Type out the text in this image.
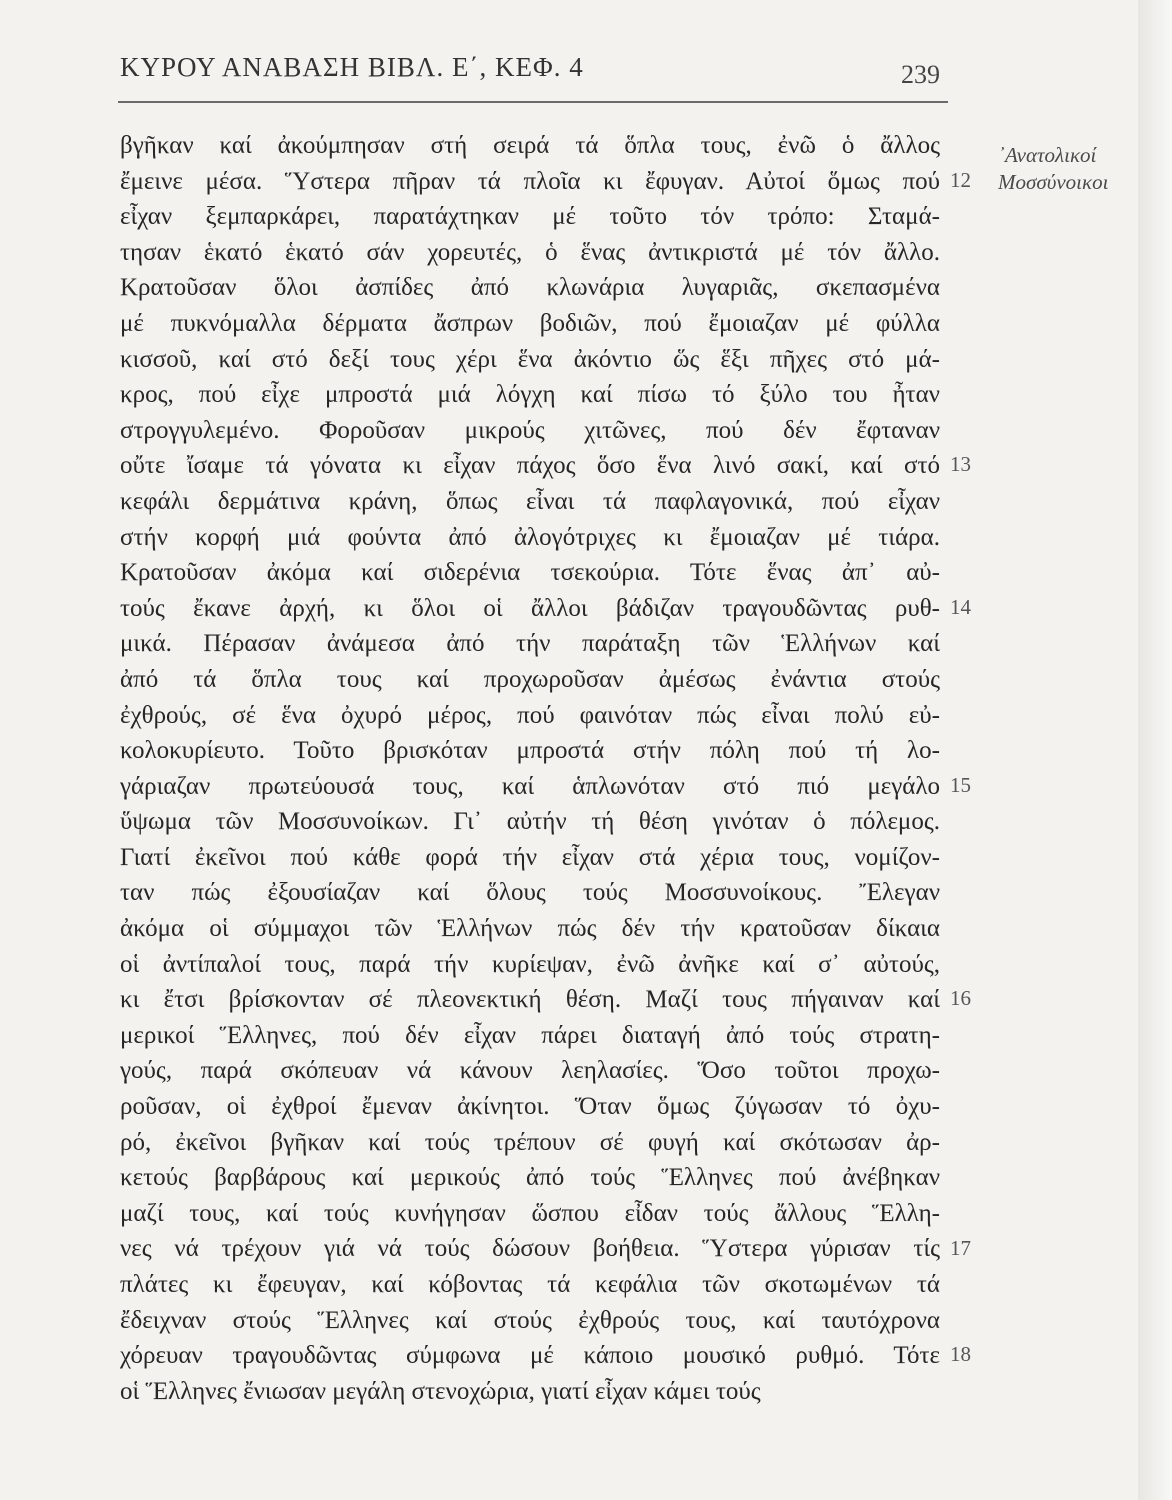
ΚΥΡΟΥ ΑΝΑΒΑΣΗ ΒΙΒΛ. Ε΄, ΚΕΦ. 4	239
βγῆκαν καί ἀκούμπησαν στή σειρά τά ὅπλα τους, ἐνῶ ὁ ἄλλος
ἔμεινε μέσα. Ὕστερα πῆραν τά πλοῖα κι ἔφυγαν. Αὐτοί ὅμως πού
εἶχαν ξεμπαρκάρει, παρατάχτηκαν μέ τοῦτο τόν τρόπο: Σταμά-
τησαν ἑκατό ἑκατό σάν χορευτές, ὁ ἕνας ἀντικριστά μέ τόν ἄλλο.
Κρατοῦσαν ὅλοι ἀσπίδες ἀπό κλωνάρια λυγαριᾶς, σκεπασμένα
μέ πυκνόμαλλα δέρματα ἄσπρων βοδιῶν, πού ἔμοιαζαν μέ φύλλα
κισσοῦ, καί στό δεξί τους χέρι ἕνα ἀκόντιο ὥς ἕξι πῆχες στό μά-
κρος, πού εἶχε μπροστά μιά λόγχη καί πίσω τό ξύλο του ἦταν
στρογγυλεμένο. Φοροῦσαν μικρούς χιτῶνες, πού δέν ἔφταναν
οὔτε ἴσαμε τά γόνατα κι εἶχαν πάχος ὅσο ἕνα λινό σακί, καί στό
κεφάλι δερμάτινα κράνη, ὅπως εἶναι τά παφλαγονικά, πού εἶχαν
στήν κορφή μιά φούντα ἀπό ἀλογότριχες κι ἔμοιαζαν μέ τιάρα.
Κρατοῦσαν ἀκόμα καί σιδερένια τσεκούρια. Τότε ἕνας ἀπ᾿ αὐ-
τούς ἔκανε ἀρχή, κι ὅλοι οἱ ἄλλοι βάδιζαν τραγουδῶντας ρυθ-
μικά. Πέρασαν ἀνάμεσα ἀπό τήν παράταξη τῶν Ἑλλήνων καί
ἀπό τά ὅπλα τους καί προχωροῦσαν ἀμέσως ἐνάντια στούς
ἐχθρούς, σέ ἕνα ὀχυρό μέρος, πού φαινόταν πώς εἶναι πολύ εὐ-
κολοκυρίευτο. Τοῦτο βρισκόταν μπροστά στήν πόλη πού τή λο-
γάριαζαν πρωτεύουσά τους, καί ἁπλωνόταν στό πιό μεγάλο
ὕψωμα τῶν Μοσσυνοίκων. Γι᾿ αὐτήν τή θέση γινόταν ὁ πόλεμος.
Γιατί ἐκεῖνοι πού κάθε φορά τήν εἶχαν στά χέρια τους, νομίζον-
ταν πώς ἐξουσίαζαν καί ὅλους τούς Μοσσυνοίκους. Ἔλεγαν
ἀκόμα οἱ σύμμαχοι τῶν Ἑλλήνων πώς δέν τήν κρατοῦσαν δίκαια
οἱ ἀντίπαλοί τους, παρά τήν κυρίεψαν, ἐνῶ ἀνῆκε καί σ᾿ αὐτούς,
κι ἔτσι βρίσκονταν σέ πλεονεκτική θέση. Μαζί τους πήγαιναν καί
μερικοί Ἕλληνες, πού δέν εἶχαν πάρει διαταγή ἀπό τούς στρατη-
γούς, παρά σκόπευαν νά κάνουν λεηλασίες. Ὅσο τοῦτοι προχω-
ροῦσαν, οἱ ἐχθροί ἔμεναν ἀκίνητοι. Ὅταν ὅμως ζύγωσαν τό ὀχυ-
ρό, ἐκεῖνοι βγῆκαν καί τούς τρέπουν σέ φυγή καί σκότωσαν ἀρ-
κετούς βαρβάρους καί μερικούς ἀπό τούς Ἕλληνες πού ἀνέβηκαν
μαζί τους, καί τούς κυνήγησαν ὥσπου εἶδαν τούς ἄλλους Ἕλλη-
νες νά τρέχουν γιά νά τούς δώσουν βοήθεια. Ὕστερα γύρισαν τίς
πλάτες κι ἔφευγαν, καί κόβοντας τά κεφάλια τῶν σκοτωμένων τά
ἔδειχναν στούς Ἕλληνες καί στούς ἐχθρούς τους, καί ταυτόχρονα
χόρευαν τραγουδῶντας σύμφωνα μέ κάποιο μουσικό ρυθμό. Τότε
οἱ Ἕλληνες ἔνιωσαν μεγάλη στενοχώρια, γιατί εἶχαν κάμει τούς
12
13
14
15
16
17
18
᾿Ανατολικοί
Μοσσύνοικοι
